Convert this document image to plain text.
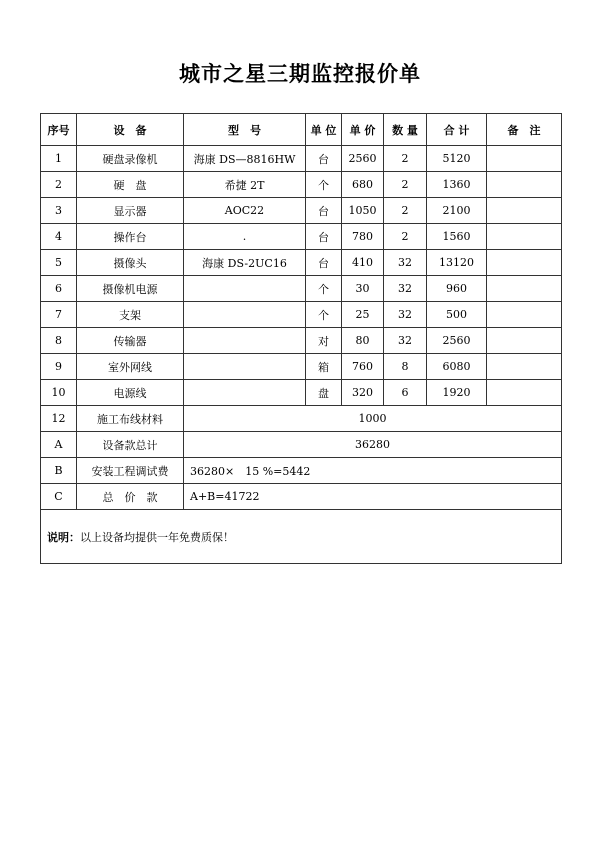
城市之星三期监控报价单
序号	设　备	型　号	单 位	单 价	数 量	合 计	备　注
1	硬盘录像机	海康 DS—8816HW	台	2560	2	5120	
2	硬　盘	希捷 2T	个	680	2	1360	
3	显示器	AOC22	台	1050	2	2100	
4	操作台	.	台	780	2	1560	
5	摄像头	海康 DS-2UC16	台	410	32	13120	
6	摄像机电源		个	30	32	960	
7	支架		个	25	32	500	
8	传输器		对	80	32	2560	
9	室外网线		箱	760	8	6080	
10	电源线		盘	320	6	1920	
12	施工布线材料	1000					
A	设备款总计	36280					
B	安装工程调试费	36280×　15 %=5442					
C	总　价　款	A+B=41722					
说明：以上设备均提供一年免费质保！							
